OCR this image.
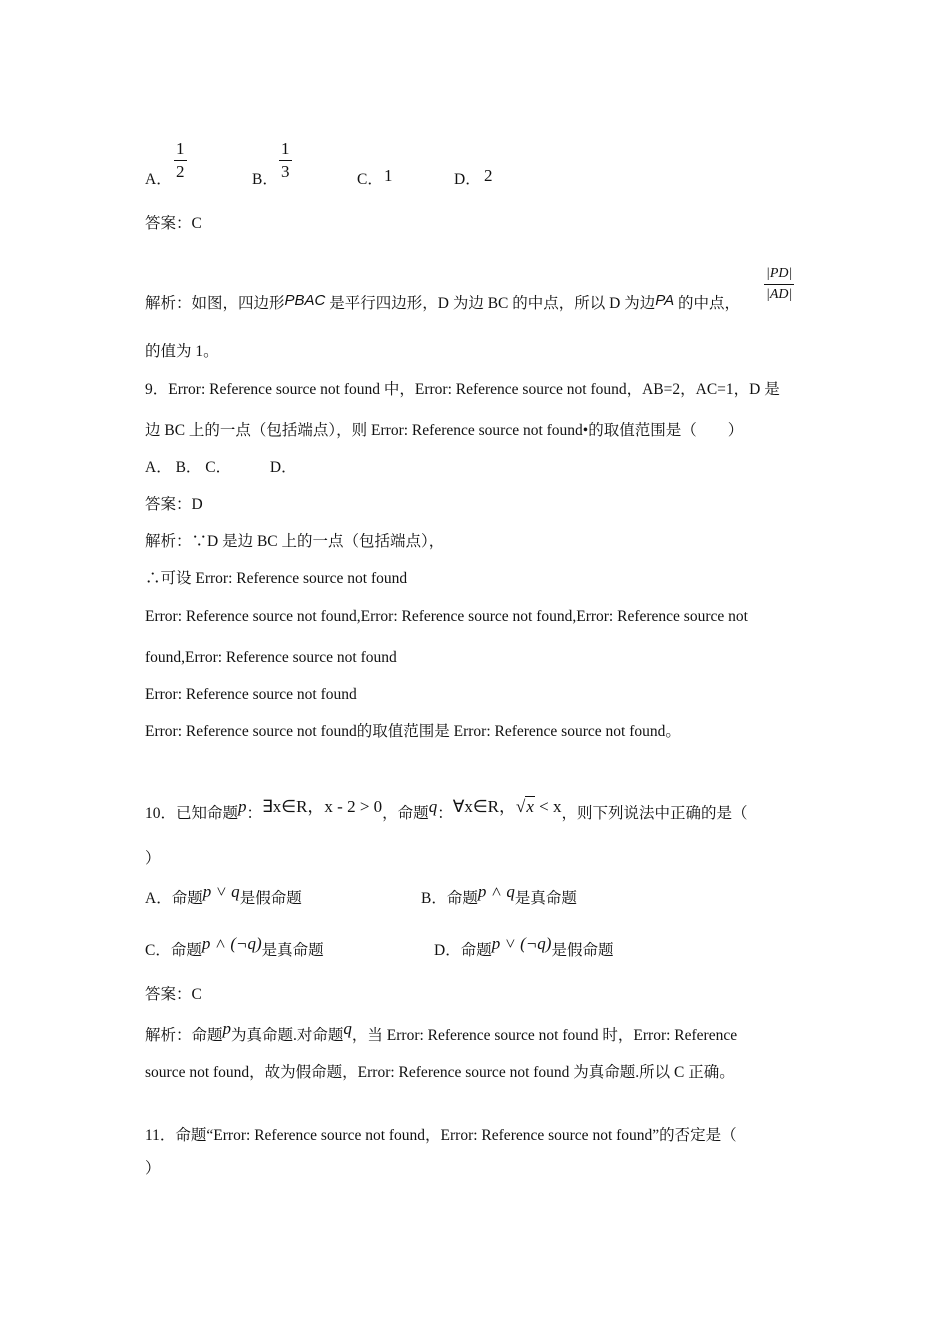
A． $\frac{1}{2}$	B． $\frac{1}{3}$	C． 1	D． 2
答案：C
解析：如图，四边形PBAC 是平行四边形，D 为边 BC 的中点，所以 D 为边PA 的中点， $\frac{|PD|}{|AD|}$
的值为 1。
9．Error: Reference source not found 中，Error: Reference source not found，AB=2，AC=1，D 是
边 BC 上的一点（包括端点），则 Error: Reference source not found•的取值范围是（　　）
A． B． C．　　　D．
答案：D
解析：∵D 是边 BC 上的一点（包括端点），
∴可设 Error: Reference source not found
Error: Reference source not found,Error: Reference source not found,Error: Reference source not
found,Error: Reference source not found
Error: Reference source not found
Error: Reference source not found的取值范围是 Error: Reference source not found。
10．已知命题p：∃x∈R，x - 2 > 0，命题q：∀x∈R，√x < x，则下列说法中正确的是（
）
A．命题p ˅ q是假命题	B．命题p ˄ q是真命题
C．命题p ˄ (¬q)是真命题	D．命题p ˅ (¬q)是假命题
答案：C
解析：命题p为真命题.对命题q，当 Error: Reference source not found 时，Error: Reference
source not found，故为假命题，Error: Reference source not found 为真命题.所以 C 正确。
11．命题“Error: Reference source not found，Error: Reference source not found”的否定是（
）
